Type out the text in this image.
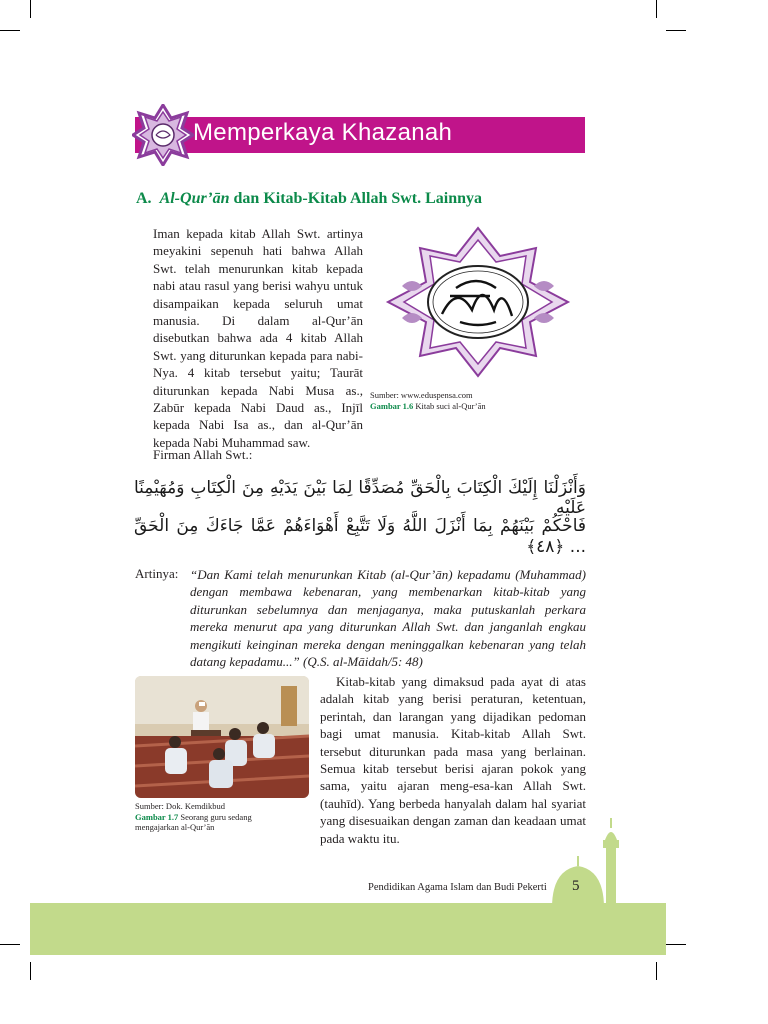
Memperkaya Khazanah
A. Al-Qur’ān dan Kitab-Kitab Allah Swt. Lainnya
Iman kepada kitab Allah Swt. artinya meyakini sepenuh hati bahwa Allah Swt. telah menurunkan kitab kepada nabi atau rasul yang berisi wahyu untuk disampaikan kepada seluruh umat manusia. Di dalam al-Qur’ān disebutkan bahwa ada 4 kitab Allah Swt. yang diturunkan kepada para nabi-Nya. 4 kitab tersebut yaitu; Taurāt diturunkan kepada Nabi Musa as., Zabūr kepada Nabi Daud as., Injīl kepada Nabi Isa as., dan al-Qur’ān kepada Nabi Muhammad saw.
Firman Allah Swt.:
Sumber: www.eduspensa.com
Gambar 1.6 Kitab suci al-Qur’ān
وَأَنْزَلْنَا إِلَيْكَ الْكِتَابَ بِالْحَقِّ مُصَدِّقًا لِمَا بَيْنَ يَدَيْهِ مِنَ الْكِتَابِ وَمُهَيْمِنًا عَلَيْهِ
فَاحْكُمْ بَيْنَهُمْ بِمَا أَنْزَلَ اللَّهُ وَلَا تَتَّبِعْ أَهْوَاءَهُمْ عَمَّا جَاءَكَ مِنَ الْحَقِّ ... ﴿٤٨﴾
Artinya: “Dan Kami telah menurunkan Kitab (al-Qur’ān) kepadamu (Muhammad) dengan membawa kebenaran, yang membenarkan kitab-kitab yang diturunkan sebelumnya dan menjaganya, maka putuskanlah perkara mereka menurut apa yang diturunkan Allah Swt. dan janganlah engkau mengikuti keinginan mereka dengan meninggalkan kebenaran yang telah datang kepadamu...” (Q.S. al-Māidah/5: 48)
Sumber: Dok. Kemdikbud
Gambar 1.7 Seorang guru sedang
mengajarkan al-Qur’ān
Kitab-kitab yang dimaksud pada ayat di atas adalah kitab yang berisi peraturan, ketentuan, perintah, dan larangan yang dijadikan pedoman bagi umat manusia. Kitab-kitab Allah Swt. tersebut diturunkan pada masa yang berlainan. Semua kitab tersebut berisi ajaran pokok yang sama, yaitu ajaran meng-esa-kan Allah Swt. (tauhīd). Yang berbeda hanyalah dalam hal syariat yang disesuaikan dengan zaman dan keadaan umat pada waktu itu.
Pendidikan Agama Islam dan Budi Pekerti 5
